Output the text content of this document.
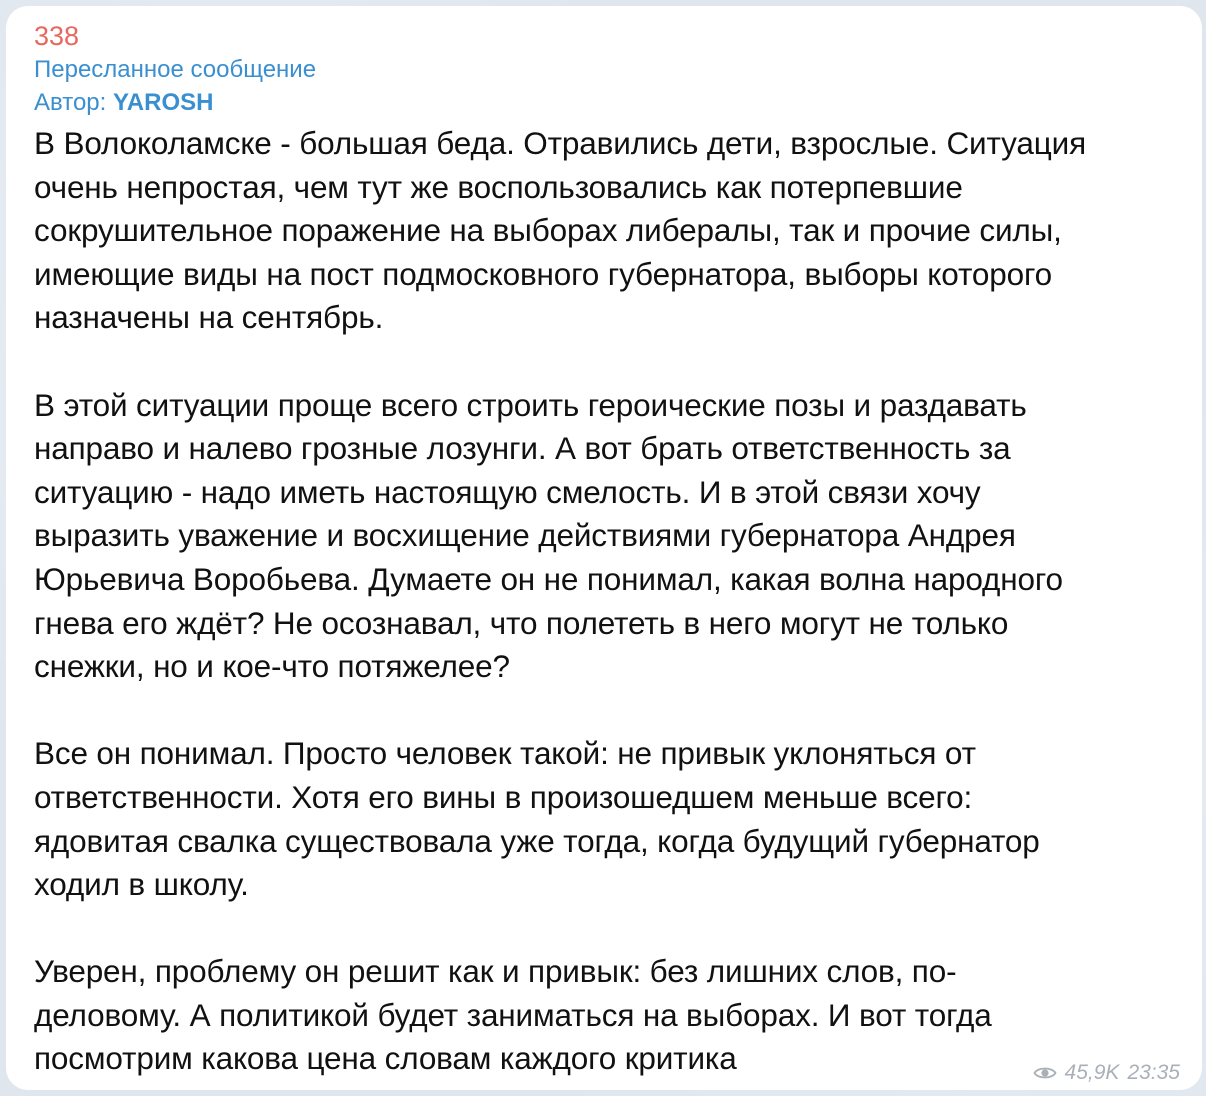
338
Пересланное сообщение
Автор: YAROSH
В Волоколамске - большая беда. Отравились дети, взрослые. Ситуация
очень непростая, чем тут же воспользовались как потерпевшие
сокрушительное поражение на выборах либералы, так и прочие силы,
имеющие виды на пост подмосковного губернатора, выборы которого
назначены на сентябрь.
В этой ситуации проще всего строить героические позы и раздавать
направо и налево грозные лозунги. А вот брать ответственность за
ситуацию - надо иметь настоящую смелость. И в этой связи хочу
выразить уважение и восхищение действиями губернатора Андрея
Юрьевича Воробьева. Думаете он не понимал, какая волна народного
гнева его ждёт? Не осознавал, что полететь в него могут не только
снежки, но и кое-что потяжелее?
Все он понимал. Просто человек такой: не привык уклоняться от
ответственности. Хотя его вины в произошедшем меньше всего:
ядовитая свалка существовала уже тогда, когда будущий губернатор
ходил в школу.
Уверен, проблему он решит как и привык: без лишних слов, по-
деловому. А политикой будет заниматься на выборах. И вот тогда
посмотрим какова цена словам каждого критика	45,9K 23:35
